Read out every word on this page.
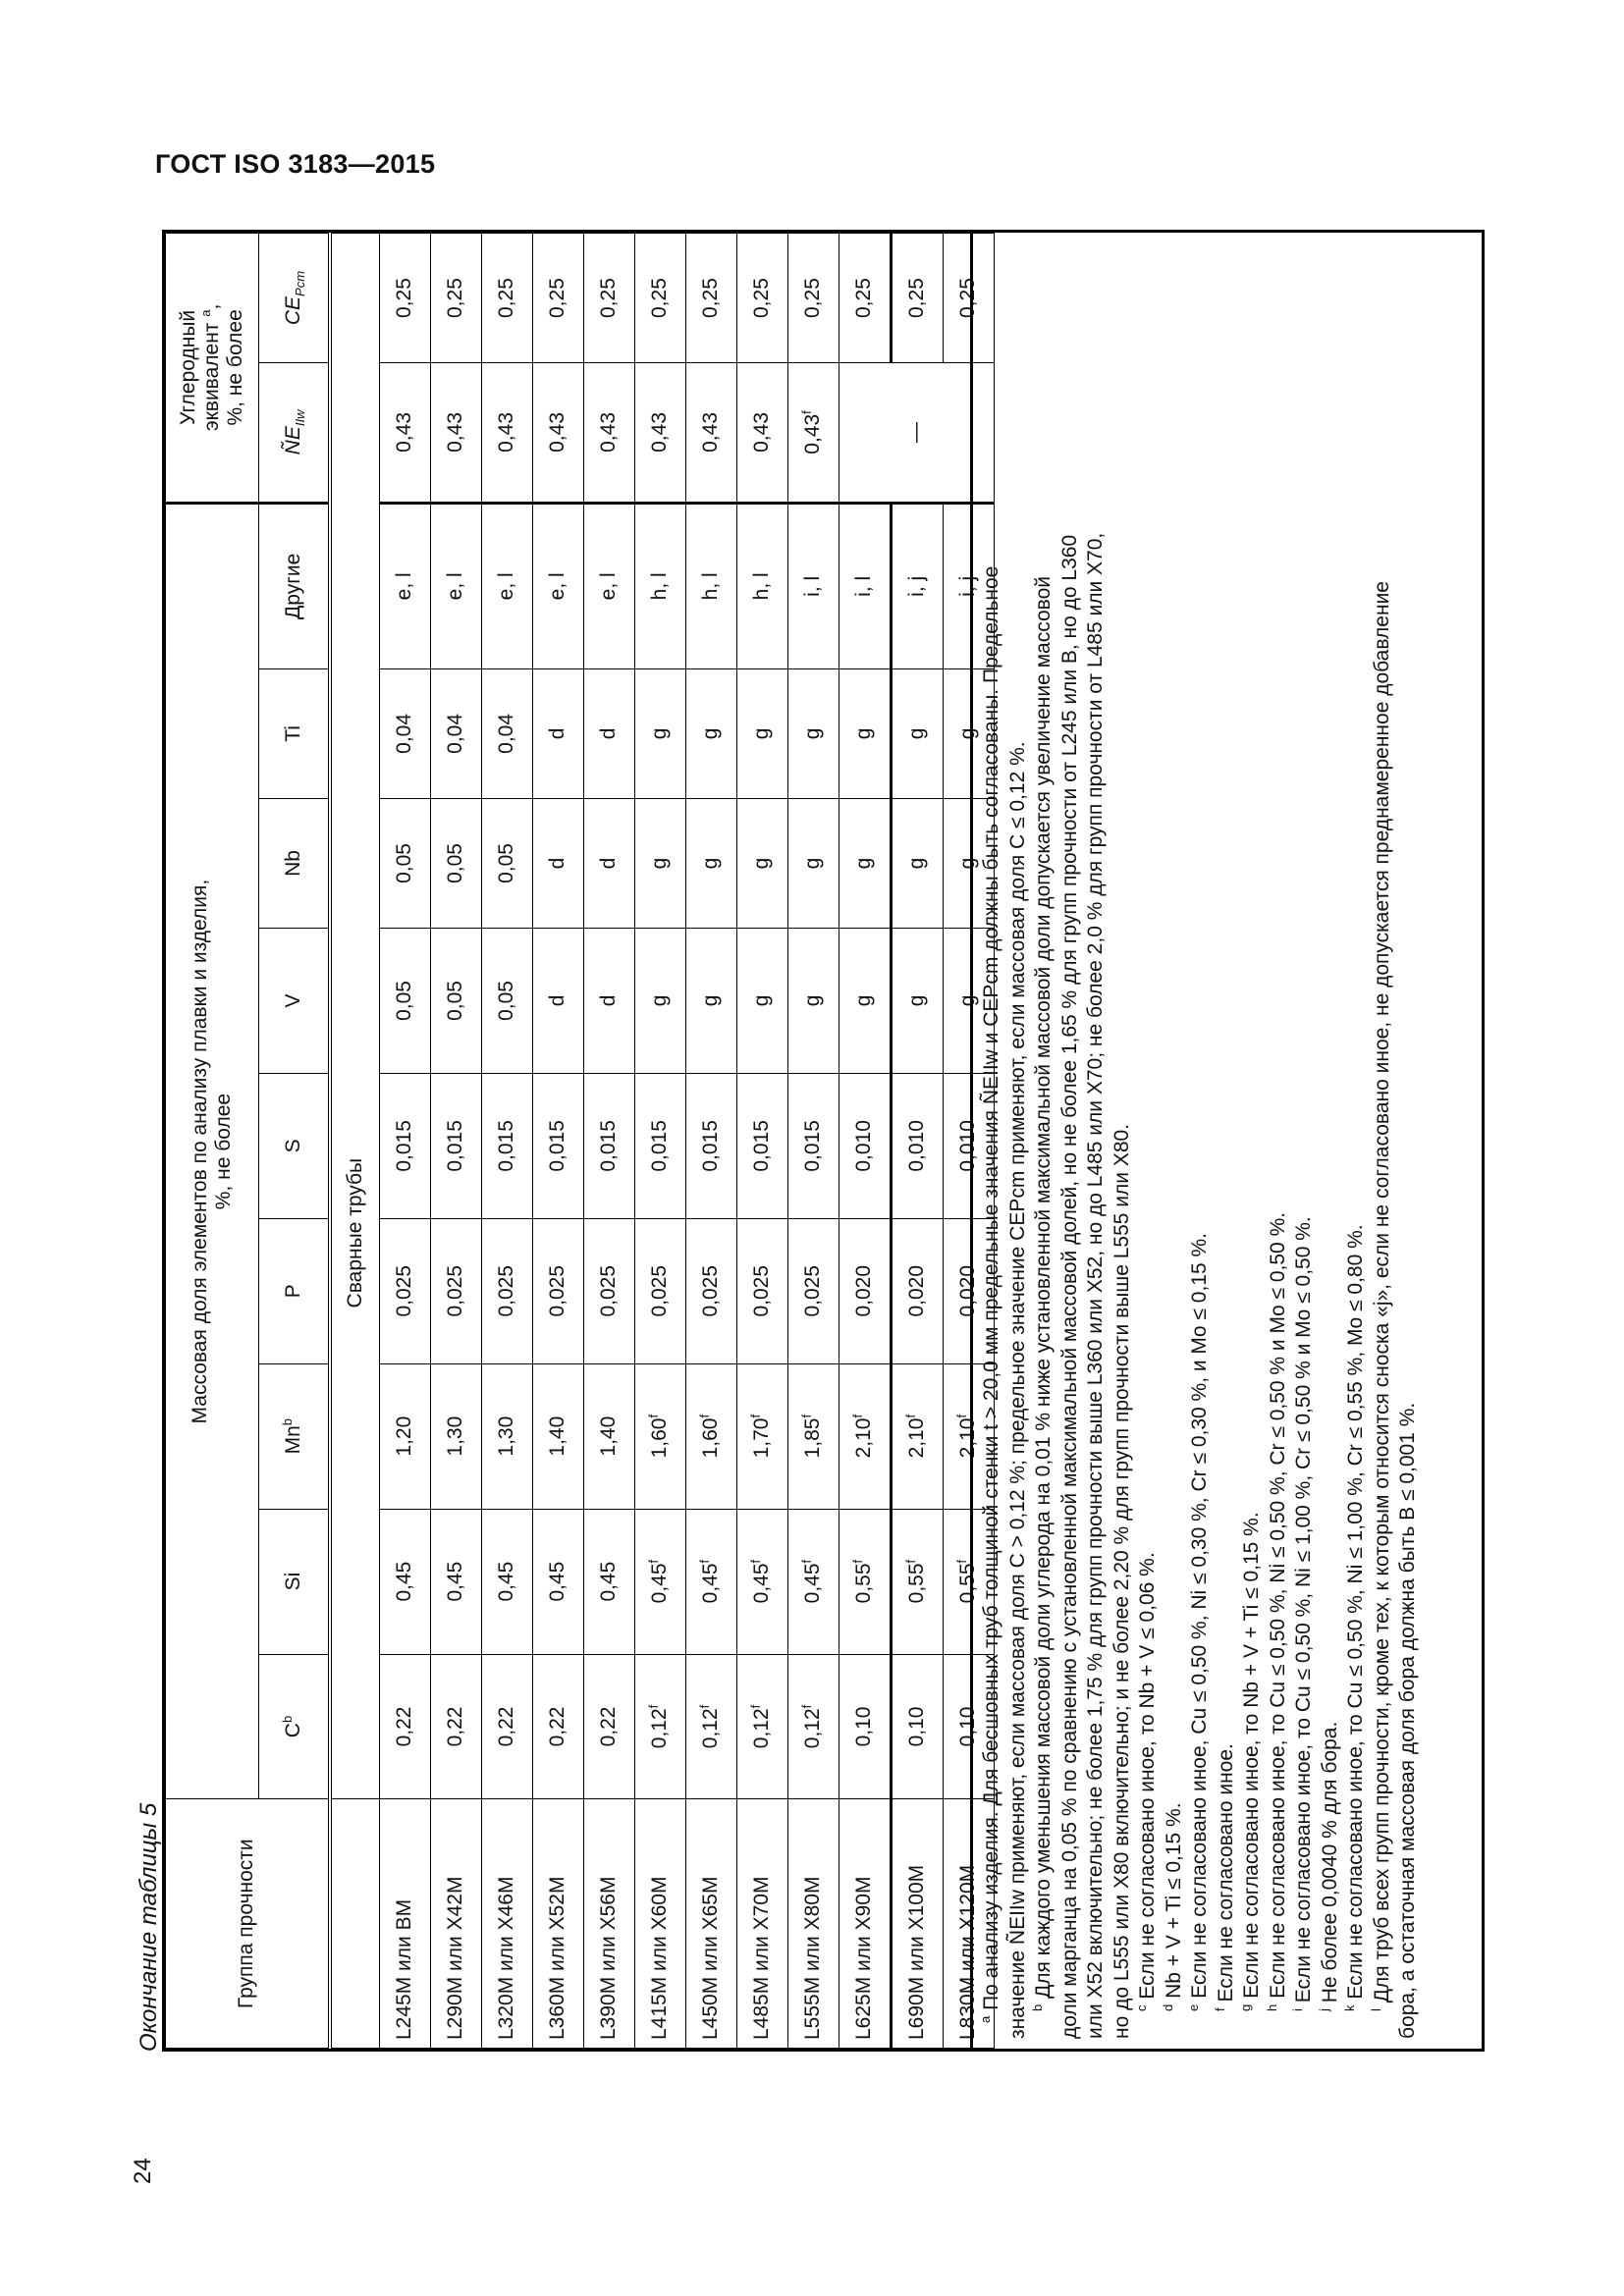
ГОСТ ISO 3183—2015
24
Окончание таблицы 5	Группа прочности	
Массовая доля элементов по анализу плавки и изделия, %, не более

Углеродный эквивалент $^a$,
%, не более

	$C^b$	Si	Mn$^b$	P	S	V	Nb	Ti	Другие	$ÑE_{IIw}$	$CE_{Pcm}$
	Сварные трубы										
L245M или BM	0,22	0,45	1,20	0,025	0,015	0,05	0,05	0,04	e, l	0,43	0,25
L290M или X42M	0,22	0,45	1,30	0,025	0,015	0,05	0,05	0,04	e, l	0,43	0,25
L320M или X46M	0,22	0,45	1,30	0,025	0,015	0,05	0,05	0,04	e, l	0,43	0,25
L360M или X52M	0,22	0,45	1,40	0,025	0,015	d	d	d	e, l	0,43	0,25
L390M или X56M	0,22	0,45	1,40	0,025	0,015	d	d	d	e, l	0,43	0,25
L415M или X60M	0,12$^f$	0,45$^f$	1,60$^f$	0,025	0,015	g	g	g	h, l	0,43	0,25
L450M или X65M	0,12$^f$	0,45$^f$	1,60$^f$	0,025	0,015	g	g	g	h, l	0,43	0,25
L485M или X70M	0,12$^f$	0,45$^f$	1,70$^f$	0,025	0,015	g	g	g	h, l	0,43	0,25
L555M или X80M	0,12$^f$	0,45$^f$	1,85$^f$	0,025	0,015	g	g	g	i, l	0,43$^f$	0,25
L625M или X90M	0,10	0,55$^f$	2,10$^f$	0,020	0,010	g	g	g	i, l	—	0,25
L690M или X100M	0,10	0,55$^f$	2,10$^f$	0,020	0,010	g	g	g	i, j		0,25
L830M или X120M	0,10	0,55$^f$	2,10$^f$	0,020	0,010	g	g	g	i, j		0,25

$^a$ По анализу изделия. Для бесшовных труб толщиной стенки t > 20,0 мм предельные значения ÑEIIw и CEPcm должны быть согласованы. Предельное значение ÑEIIw применяют, если массовая доля C > 0,12 %; предельное значение CEPcm применяют, если массовая доля C ≤ 0,12 %. $^b$ Для каждого уменьшения массовой доли углерода на 0,01 % ниже установленной максимальной массовой доли допускается увеличение массовой доли марганца на 0,05 % по сравнению с установленной максимальной массовой долей, но не более 1,65 % для групп прочности от L245 или B, но до L360 или X52 включительно; не более 1,75 % для групп прочности выше L360 или X52, но до L485 или X70; не более 2,0 % для групп прочности от L485 или X70, но до L555 или X80 включительно; и не более 2,20 % для групп прочности выше L555 или X80. $^c$ Если не согласовано иное, то Nb + V ≤ 0,06 %.

$^d$ Nb + V + Ti ≤ 0,15 %.

$^e$ Если не согласовано иное, Cu ≤ 0,50 %, Ni ≤ 0,30 %, Cr ≤ 0,30 %, и Mo ≤ 0,15 %.

$^f$ Если не согласовано иное.

$^g$ Если не согласовано иное, то Nb + V + Ti ≤ 0,15 %.

$^h$ Если не согласовано иное, то Cu ≤ 0,50 %, Ni ≤ 0,50 %, Cr ≤ 0,50 % и Mo ≤ 0,50 %.

$^i$ Если не согласовано иное, то Cu ≤ 0,50 %, Ni ≤ 1,00 %, Cr ≤ 0,50 % и Mo ≤ 0,50 %.

$^j$ Не более 0,0040 % для бора.

$^k$ Если не согласовано иное, то Cu ≤ 0,50 %, Ni ≤ 1,00 %, Cr ≤ 0,55 %, Mo ≤ 0,80 %.

$^l$ Для труб всех групп прочности, кроме тех, к которым относится сноска «j», если не согласовано иное, не допускается преднамеренное добавление бора, а остаточная массовая доля бора должна быть B ≤ 0,001 %.
